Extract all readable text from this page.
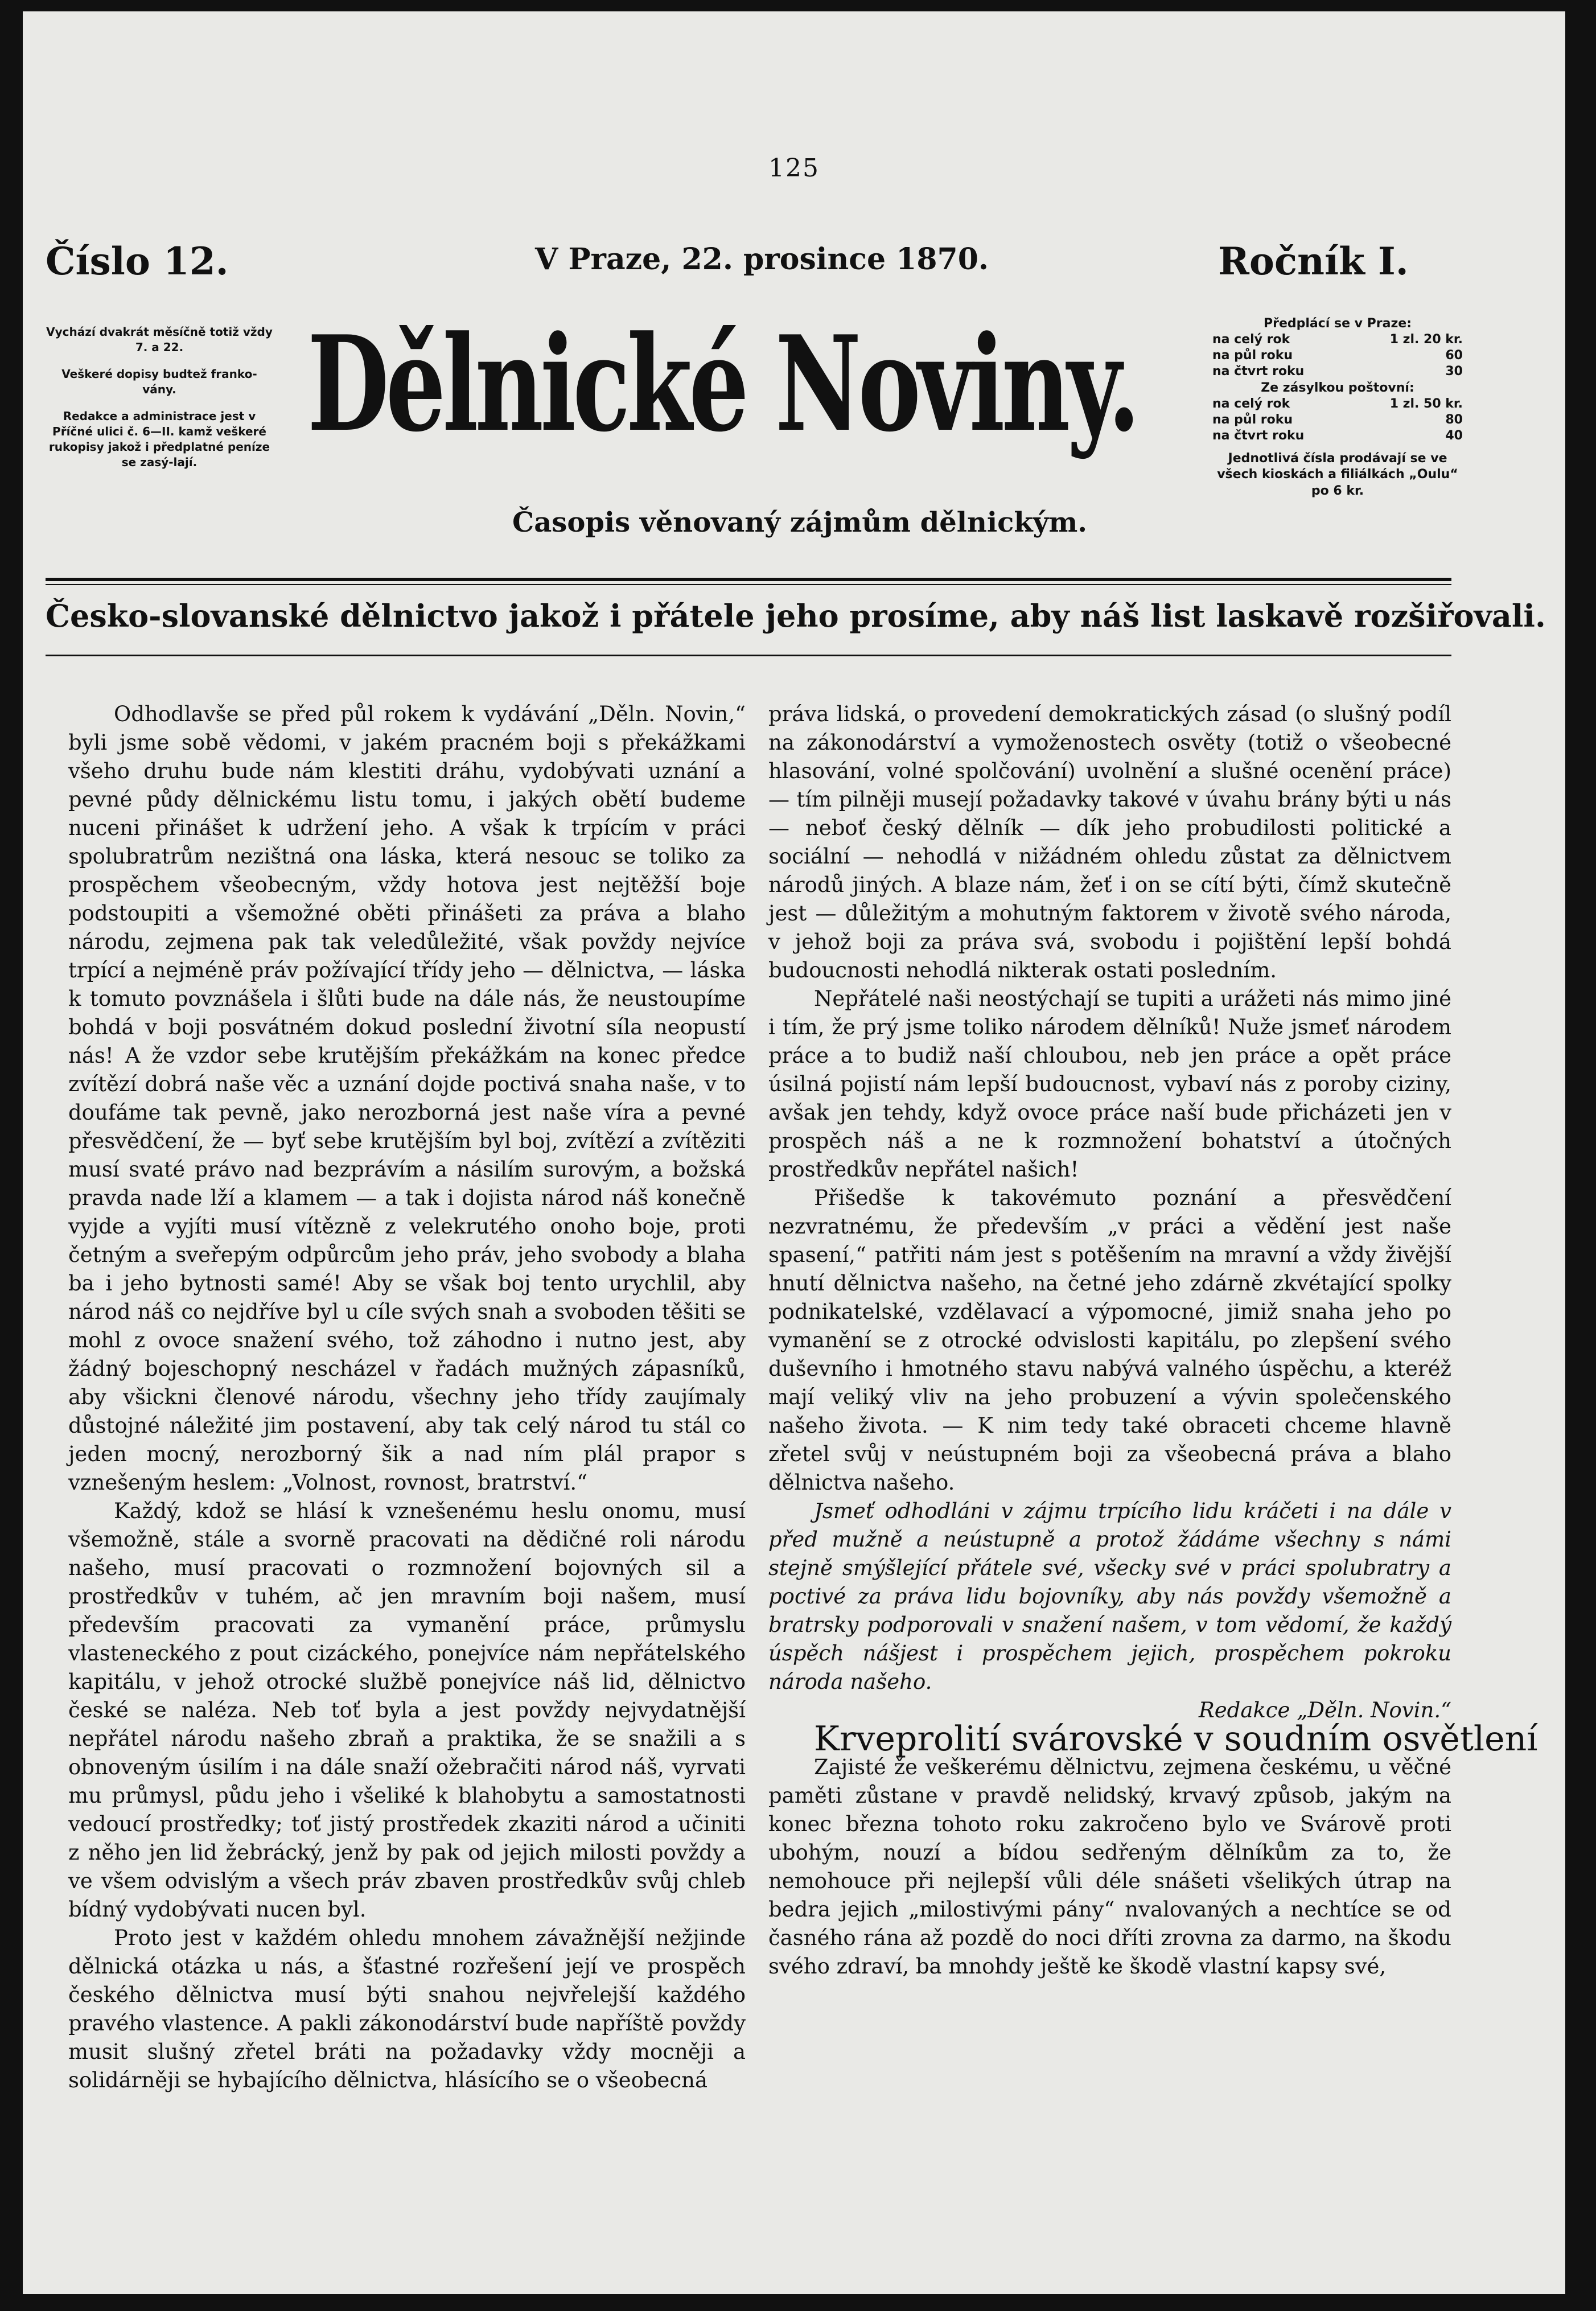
125
Číslo 12.	V Praze, 22. prosince 1870.	Ročník I.

Vychází dvakrát měsíčně totiž vždy 7. a 22.

Veškeré dopisy budtež franko-vány.

Redakce a administrace jest v Příčné ulici č. 6—II. kamž veškeré rukopisy jakož i předplatné peníze se zasý-lají.

Dělnické Noviny.
Časopis věnovaný zájmům dělnickým.
Předplácí se v Praze:
na celý rok	1 zl. 20 kr.
na půl roku	60
na čtvrt roku	30
Ze zásylkou poštovní:
na celý rok	1 zl. 50 kr.
na půl roku	80
na čtvrt roku	40
Jednotlivá čísla prodávají se ve všech kioskách a filiálkách „Oulu“ po 6 kr.
Česko-slovanské dělnictvo jakož i přátele jeho prosíme, aby náš list laskavě rozšiřovali.

Odhodlavše se před půl rokem k vydávání „Děln. Novin,“ byli jsme sobě vědomi, v jakém pracném boji s překážkami všeho druhu bude nám klestiti dráhu, vydobývati uznání a pevné půdy dělnickému listu tomu, i jakých obětí budeme nuceni přinášet k udržení jeho. A však k trpícím v práci spolubratrům nezištná ona láska, která nesouc se toliko za prospěchem všeobecným, vždy hotova jest nejtěžší boje podstoupiti a všemožné oběti přinášeti za práva a blaho národu, zejmena pak tak veledůležité, však povždy nejvíce trpící a nejméně práv požívající třídy jeho — dělnictva, — láska k tomuto povznášela i šlůti bude na dále nás, že neustoupíme bohdá v boji posvátném dokud poslední životní síla neopustí nás! A že vzdor sebe krutějším překážkám na konec předce zvítězí dobrá naše věc a uznání dojde poctivá snaha naše, v to doufáme tak pevně, jako nerozborná jest naše víra a pevné přesvědčení, že — byť sebe krutějším byl boj, zvítězí a zvítěziti musí svaté právo nad bezprávím a násilím surovým, a božská pravda nade lží a klamem — a tak i dojista národ náš konečně vyjde a vyjíti musí vítězně z velekrutého onoho boje, proti četným a sveřepým odpůrcům jeho práv, jeho svobody a blaha ba i jeho bytnosti samé! Aby se však boj tento urychlil, aby národ náš co nejdříve byl u cíle svých snah a svoboden těšiti se mohl z ovoce snažení svého, tož záhodno i nutno jest, aby žádný bojeschopný nescházel v řadách mužných zápasníků, aby všickni členové národu, všechny jeho třídy zaujímaly důstojné náležité jim postavení, aby tak celý národ tu stál co jeden mocný, nerozborný šik a nad ním plál prapor s vznešeným heslem: „Volnost, rovnost, bratrství.“

Každý, kdož se hlásí k vznešenému heslu onomu, musí všemožně, stále a svorně pracovati na dědičné roli národu našeho, musí pracovati o rozmnožení bojovných sil a prostředkův v tuhém, ač jen mravním boji našem, musí především pracovati za vymanění práce, průmyslu vlasteneckého z pout cizáckého, ponejvíce nám nepřátelského kapitálu, v jehož otrocké službě ponejvíce náš lid, dělnictvo české se naléza. Neb toť byla a jest povždy nejvydatnější nepřátel národu našeho zbraň a praktika, že se snažili a s obnoveným úsilím i na dále snaží ožebračiti národ náš, vyrvati mu průmysl, půdu jeho i všeliké k blahobytu a samostatnosti vedoucí prostředky; toť jistý prostředek zkaziti národ a učiniti z něho jen lid žebrácký, jenž by pak od jejich milosti povždy a ve všem odvislým a všech práv zbaven prostředkův svůj chleb bídný vydobývati nucen byl.

Proto jest v každém ohledu mnohem závažnější nežjinde dělnická otázka u nás, a šťastné rozřešení její ve prospěch českého dělnictva musí býti snahou nejvřelejší každého pravého vlastence. A pakli zákonodárství bude napříště povždy musit slušný zřetel bráti na požadavky vždy mocněji a solidárněji se hybajícího dělnictva, hlásícího se o všeobecná

práva lidská, o provedení demokratických zásad (o slušný podíl na zákonodárství a vymoženostech osvěty (totiž o všeobecné hlasování, volné spolčování) uvolnění a slušné ocenění práce) — tím pilněji musejí požadavky takové v úvahu brány býti u nás — neboť český dělník — dík jeho probudilosti politické a sociální — nehodlá v nižádném ohledu zůstat za dělnictvem národů jiných. A blaze nám, žeť i on se cítí býti, čímž skutečně jest — důležitým a mohutným faktorem v životě svého národa, v jehož boji za práva svá, svobodu i pojištění lepší bohdá budoucnosti nehodlá nikterak ostati posledním.

Nepřátelé naši neostýchají se tupiti a urážeti nás mimo jiné i tím, že prý jsme toliko národem dělníků! Nuže jsmeť národem práce a to budiž naší chloubou, neb jen práce a opět práce úsilná pojistí nám lepší budoucnost, vybaví nás z poroby ciziny, avšak jen tehdy, když ovoce práce naší bude přicházeti jen v prospěch náš a ne k rozmnožení bohatství a útočných prostředkův nepřátel našich!

Přišedše k takovémuto poznání a přesvědčení nezvratnému, že především „v práci a vědění jest naše spasení,“ patřiti nám jest s potěšením na mravní a vždy živější hnutí dělnictva našeho, na četné jeho zdárně zkvétající spolky podnikatelské, vzdělavací a výpomocné, jimiž snaha jeho po vymanění se z otrocké odvislosti kapitálu, po zlepšení svého duševního i hmotného stavu nabývá valného úspěchu, a kteréž mají veliký vliv na jeho probuzení a vývin společenského našeho života. — K nim tedy také obraceti chceme hlavně zřetel svůj v neústupném boji za všeobecná práva a blaho dělnictva našeho.

Jsmeť odhodláni v zájmu trpícího lidu kráčeti i na dále v před mužně a neústupně a protož žádáme všechny s námi stejně smýšlející přátele své, všecky své v práci spolubratry a poctivé za práva lidu bojovníky, aby nás povždy všemožně a bratrsky podporovali v snažení našem, v tom vědomí, že každý úspěch nášjest i prospěchem jejich, prospěchem pokroku národa našeho.

Redakce „Děln. Novin.“

Krveprolití svárovské v soudním osvětlení

Zajisté že veškerému dělnictvu, zejmena českému, u věčné paměti zůstane v pravdě nelidský, krvavý způsob, jakým na konec března tohoto roku zakročeno bylo ve Svárově proti ubohým, nouzí a bídou sedřeným dělníkům za to, že nemohouce při nejlepší vůli déle snášeti všelikých útrap na bedra jejich „milostivými pány“ nvalovaných a nechtíce se od časného rána až pozdě do noci dříti zrovna za darmo, na škodu svého zdraví, ba mnohdy ještě ke škodě vlastní kapsy své,
